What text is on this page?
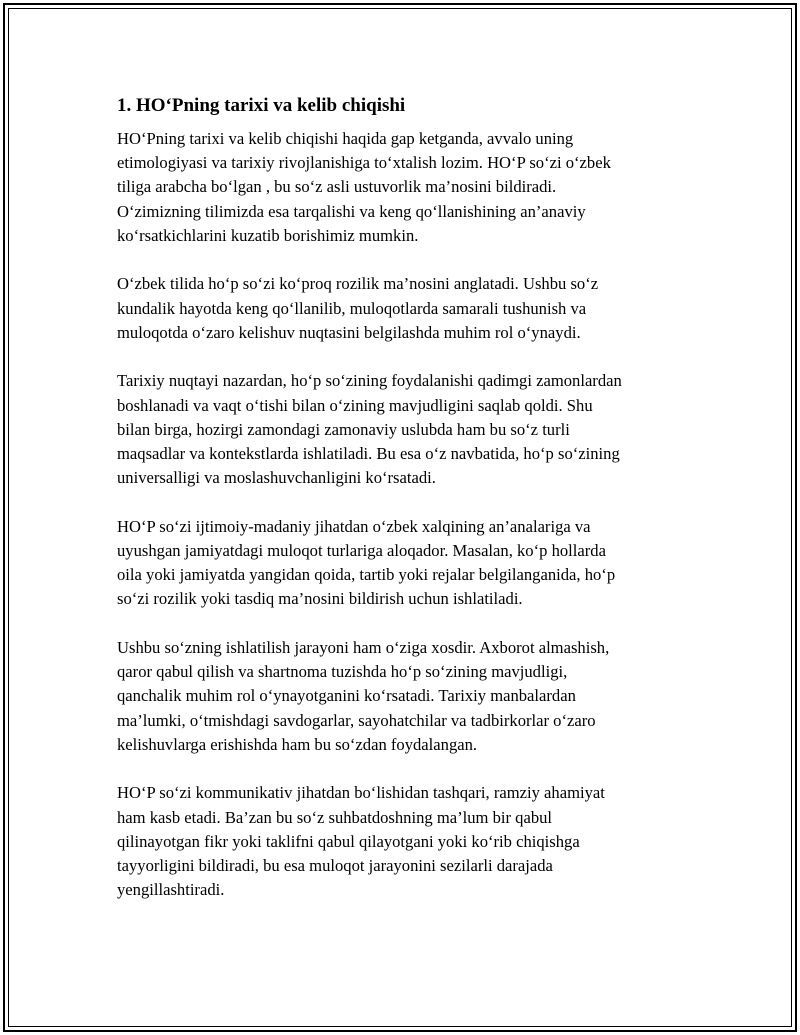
1. HO‘Pning tarixi va kelib chiqishi

HO‘Pning tarixi va kelib chiqishi haqida gap ketganda, avvalo uning
etimologiyasi va tarixiy rivojlanishiga to‘xtalish lozim. HO‘P so‘zi o‘zbek
tiliga arabcha bo‘lgan , bu so‘z asli ustuvorlik ma’nosini bildiradi.
O‘zimizning tilimizda esa tarqalishi va keng qo‘llanishining an’anaviy
ko‘rsatkichlarini kuzatib borishimiz mumkin.

O‘zbek tilida ho‘p so‘zi ko‘proq rozilik ma’nosini anglatadi. Ushbu so‘z
kundalik hayotda keng qo‘llanilib, muloqotlarda samarali tushunish va
muloqotda o‘zaro kelishuv nuqtasini belgilashda muhim rol o‘ynaydi.

Tarixiy nuqtayi nazardan, ho‘p so‘zining foydalanishi qadimgi zamonlardan
boshlanadi va vaqt o‘tishi bilan o‘zining mavjudligini saqlab qoldi. Shu
bilan birga, hozirgi zamondagi zamonaviy uslubda ham bu so‘z turli
maqsadlar va kontekstlarda ishlatiladi. Bu esa o‘z navbatida, ho‘p so‘zining
universalligi va moslashuvchanligini ko‘rsatadi.

HO‘P so‘zi ijtimoiy-madaniy jihatdan o‘zbek xalqining an’analariga va
uyushgan jamiyatdagi muloqot turlariga aloqador. Masalan, ko‘p hollarda
oila yoki jamiyatda yangidan qoida, tartib yoki rejalar belgilanganida, ho‘p
so‘zi rozilik yoki tasdiq ma’nosini bildirish uchun ishlatiladi.

Ushbu so‘zning ishlatilish jarayoni ham o‘ziga xosdir. Axborot almashish,
qaror qabul qilish va shartnoma tuzishda ho‘p so‘zining mavjudligi,
qanchalik muhim rol o‘ynayotganini ko‘rsatadi. Tarixiy manbalardan
ma’lumki, o‘tmishdagi savdogarlar, sayohatchilar va tadbirkorlar o‘zaro
kelishuvlarga erishishda ham bu so‘zdan foydalangan.

HO‘P so‘zi kommunikativ jihatdan bo‘lishidan tashqari, ramziy ahamiyat
ham kasb etadi. Ba’zan bu so‘z suhbatdoshning ma’lum bir qabul
qilinayotgan fikr yoki taklifni qabul qilayotgani yoki ko‘rib chiqishga
tayyorligini bildiradi, bu esa muloqot jarayonini sezilarli darajada
yengillashtiradi.
